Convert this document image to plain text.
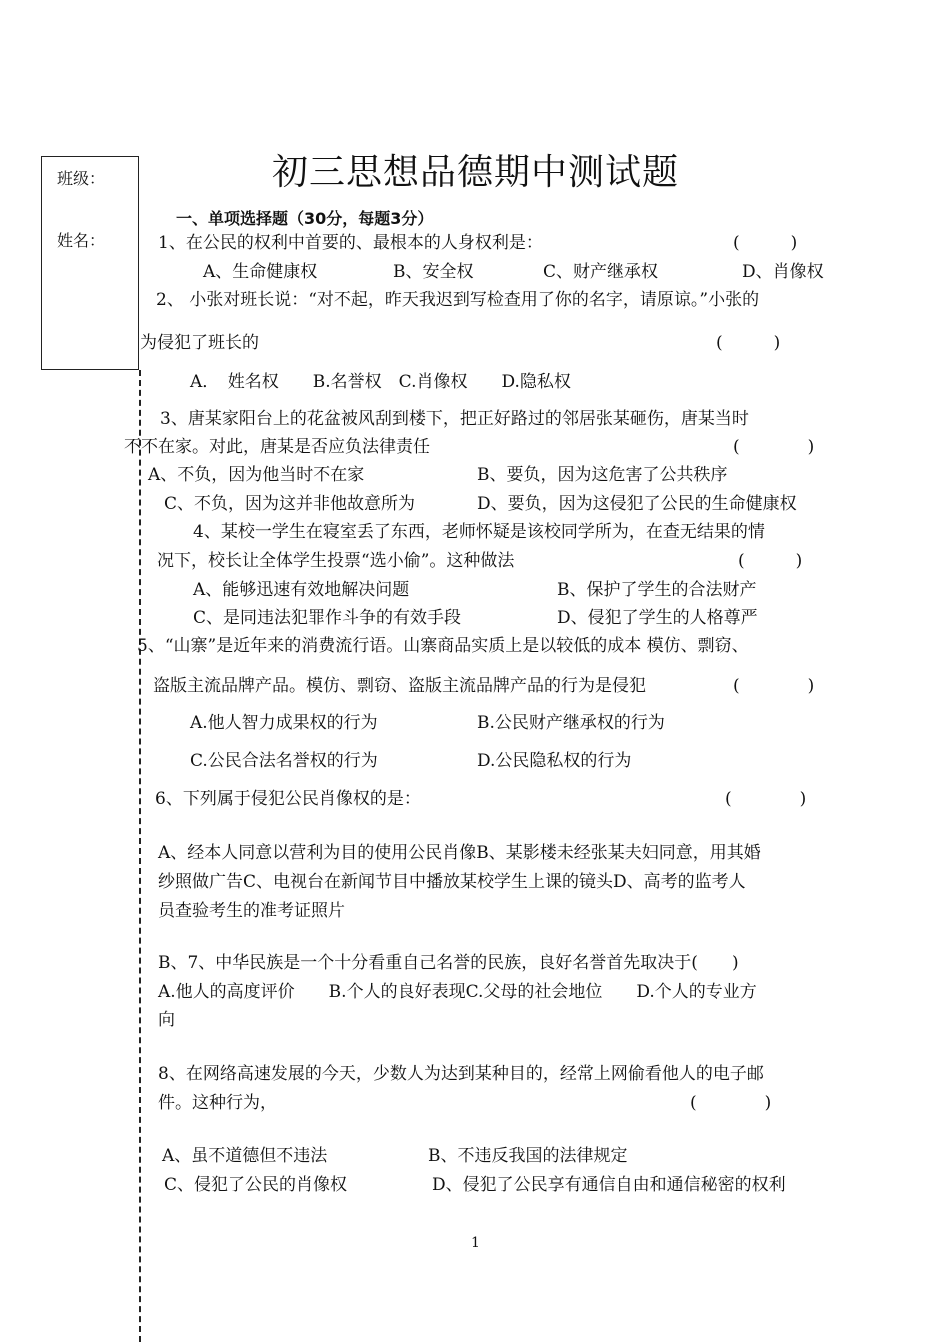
班级：
姓名：
初三思想品德期中测试题
一、单项选择题（30分，每题3分）
1、在公民的权利中首要的、最根本的人身权利是：	(　　　)
A、生命健康权	B、安全权	C、财产继承权	D、肖像权
2、 小张对班长说：“对不起，昨天我迟到写检查用了你的名字，请原谅。”小张的
为侵犯了班长的	(　　　)
A．　姓名权　　B.名誉权　C.肖像权　　D.隐私权
3、唐某家阳台上的花盆被风刮到楼下，把正好路过的邻居张某砸伤，唐某当时
不不在家。对此，唐某是否应负法律责任	(　　　　)
A、不负，因为他当时不在家	B、要负，因为这危害了公共秩序
C、不负，因为这并非他故意所为	D、要负，因为这侵犯了公民的生命健康权
4、某校一学生在寝室丢了东西，老师怀疑是该校同学所为，在查无结果的情
况下，校长让全体学生投票“选小偷”。这种做法	(　　　)
A、能够迅速有效地解决问题	B、保护了学生的合法财产
C、是同违法犯罪作斗争的有效手段	D、侵犯了学生的人格尊严
5、“山寨”是近年来的消费流行语。山寨商品实质上是以较低的成本 模仿、剽窃、
盗版主流品牌产品。模仿、剽窃、盗版主流品牌产品的行为是侵犯	(　　　　)
A.他人智力成果权的行为	B.公民财产继承权的行为
C.公民合法名誉权的行为	D.公民隐私权的行为
6、下列属于侵犯公民肖像权的是：	(　　　　)
A、经本人同意以营利为目的使用公民肖像B、某影楼未经张某夫妇同意，用其婚
纱照做广告C、电视台在新闻节目中播放某校学生上课的镜头D、高考的监考人
员查验考生的准考证照片
B、7、中华民族是一个十分看重自己名誉的民族，良好名誉首先取决于(　　)
A.他人的高度评价　　B.个人的良好表现C.父母的社会地位　　D.个人的专业方
向
8、在网络高速发展的今天，少数人为达到某种目的，经常上网偷看他人的电子邮
件。这种行为，	(　　　　)
A、虽不道德但不违法	B、不违反我国的法律规定
C、侵犯了公民的肖像权	D、侵犯了公民享有通信自由和通信秘密的权利
1
